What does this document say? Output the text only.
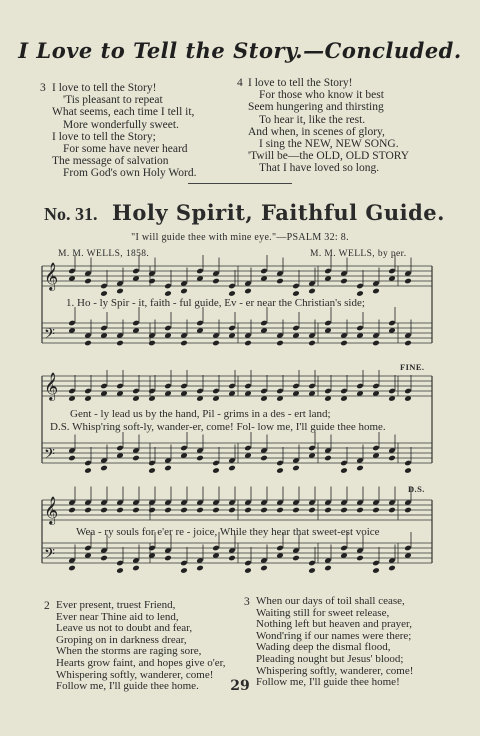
I Love to Tell the Story.—Concluded.
3 I love to tell the Story!
'Tis pleasant to repeat
What seems, each time I tell it,
More wonderfully sweet.
I love to tell the Story;
For some have never heard
The message of salvation
From God's own Holy Word.
4 I love to tell the Story!
For those who know it best
Seem hungering and thirsting
To hear it, like the rest.
And when, in scenes of glory,
I sing the NEW, NEW SONG.
'Twill be—the OLD, OLD STORY
That I have loved so long.
No. 31. Holy Spirit, Faithful Guide.
"I will guide thee with mine eye."—PSALM 32: 8.
M. M. WELLS, 1858.	M. M. WELLS, by per.
𝄞
𝄢
𝄞
𝄢
𝄞
𝄢
1. Ho - ly Spir - it, faith - ful guide, Ev - er near the Christian's side;
FINE.
Gent - ly lead us by the hand, Pil - grims in a des - ert land;
D.S. Whisp'ring soft-ly, wander-er, come! Fol- low me, I'll guide thee home.
D.S.
Wea - ry souls for e'er re - joice, While they hear that sweet-est voice
2 Ever present, truest Friend,
Ever near Thine aid to lend,
Leave us not to doubt and fear,
Groping on in darkness drear,
When the storms are raging sore,
Hearts grow faint, and hopes give o'er,
Whispering softly, wanderer, come!
Follow me, I'll guide thee home.
3 When our days of toil shall cease,
Waiting still for sweet release,
Nothing left but heaven and prayer,
Wond'ring if our names were there;
Wading deep the dismal flood,
Pleading nought but Jesus' blood;
Whispering softly, wanderer, come!
Follow me, I'll guide thee home!
29
